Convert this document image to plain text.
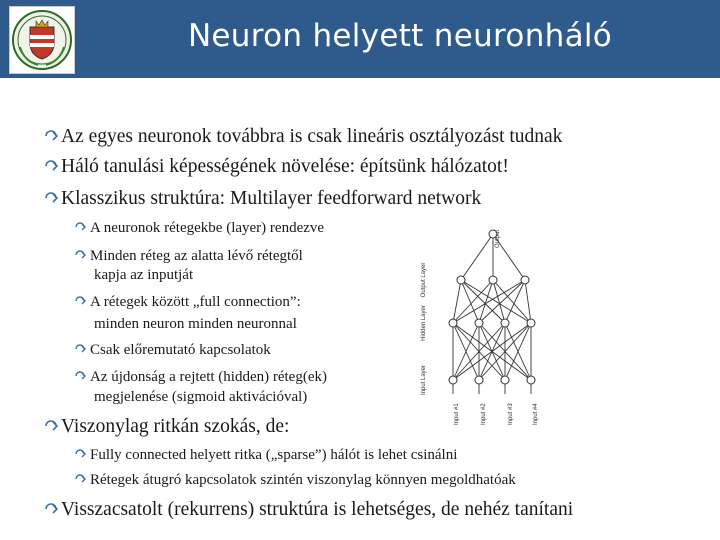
Neuron helyett neuronháló
Az egyes neuronok továbbra is csak lineáris osztályozást tudnak
Háló tanulási képességének növelése: építsünk hálózatot!
Klasszikus struktúra: Multilayer feedforward network
A neuronok rétegekbe (layer) rendezve
Minden réteg az alatta lévő rétegtől
kapja az inputját
A rétegek között „full connection”:
minden neuron minden neuronnal
Csak előremutató kapcsolatok
Az újdonság a rejtett (hidden) réteg(ek)
megjelenése (sigmoid aktivációval)
Viszonylag ritkán szokás, de:
Fully connected helyett ritka („sparse”) hálót is lehet csinálni
Rétegek átugró kapcsolatok szintén viszonylag könnyen megoldhatóak
Visszacsatolt (rekurrens) struktúra is lehetséges, de nehéz tanítani
Output
Output Layer
Hidden Layer
Input Layer
Input #1	Input #2	Input #3	Input #4
